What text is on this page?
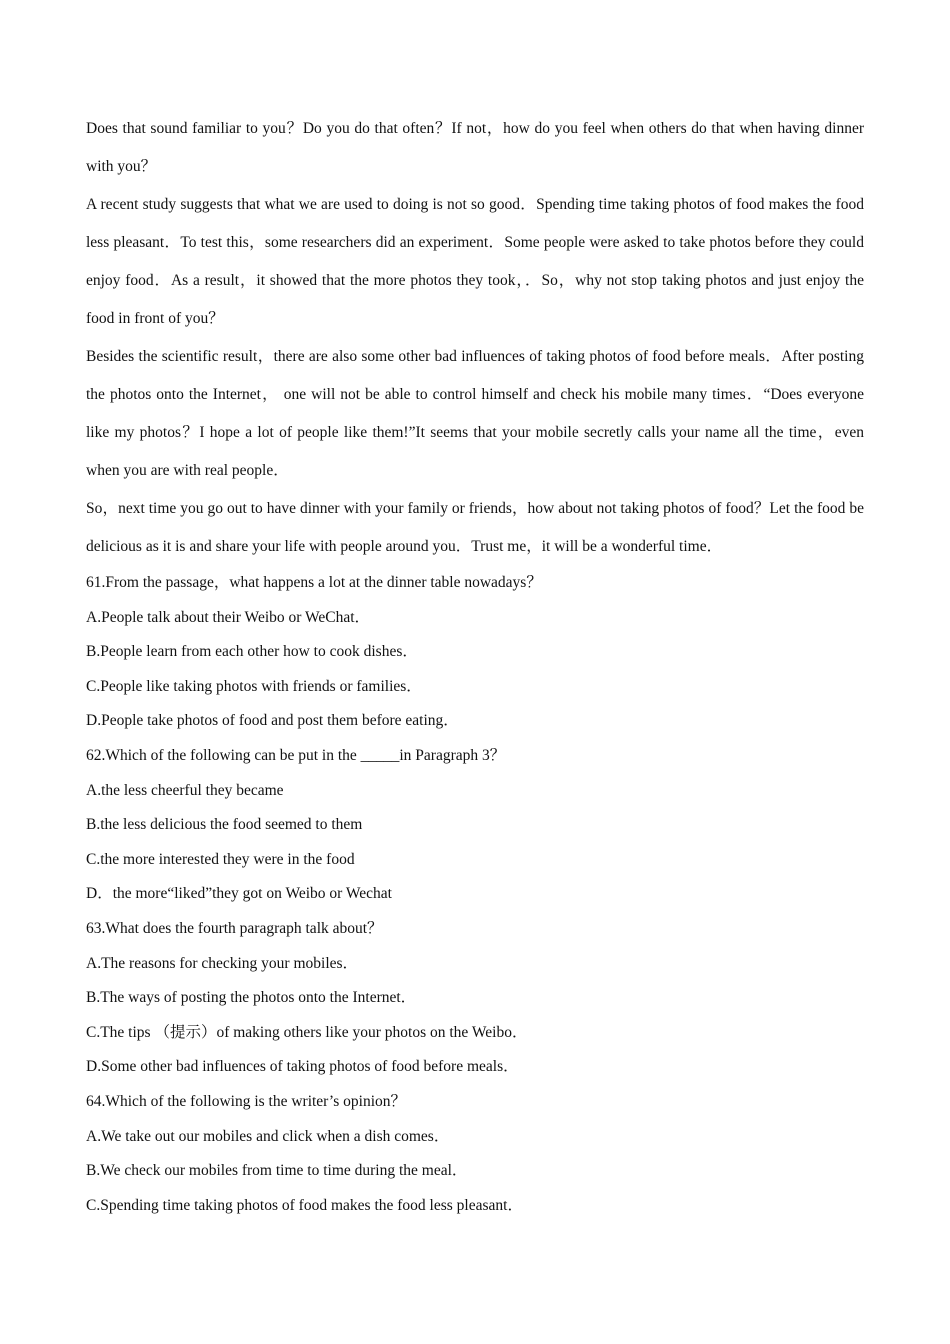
Does that sound familiar to you？Do you do that often？If not，how do you feel when others do that when having dinner with you？

A recent study suggests that what we are used to doing is not so good．Spending time taking photos of food makes the food less pleasant．To test this，some researchers did an experiment．Some people were asked to take photos before they could enjoy food．As a result，it showed that the more photos they took，．So，why not stop taking photos and just enjoy the food in front of you？

Besides the scientific result，there are also some other bad influences of taking photos of food before meals．After posting the photos onto the Internet， one will not be able to control himself and check his mobile many times．“Does everyone like my photos？I hope a lot of people like them!”It seems that your mobile secretly calls your name all the time，even when you are with real people．

So，next time you go out to have dinner with your family or friends，how about not taking photos of food？Let the food be delicious as it is and share your life with people around you．Trust me，it will be a wonderful time．

61.From the passage，what happens a lot at the dinner table nowadays？

A.People talk about their Weibo or WeChat．

B.People learn from each other how to cook dishes．

C.People like taking photos with friends or families．

D.People take photos of food and post them before eating．

62.Which of the following can be put in the _____in Paragraph 3？

A.the less cheerful they became

B.the less delicious the food seemed to them

C.the more interested they were in the food

D．the more“liked”they got on Weibo or Wechat

63.What does the fourth paragraph talk about？

A.The reasons for checking your mobiles．

B.The ways of posting the photos onto the Internet．

C.The tips （提示）of making others like your photos on the Weibo．

D.Some other bad influences of taking photos of food before meals．

64.Which of the following is the writer’s opinion？

A.We take out our mobiles and click when a dish comes．

B.We check our mobiles from time to time during the meal．

C.Spending time taking photos of food makes the food less pleasant．
